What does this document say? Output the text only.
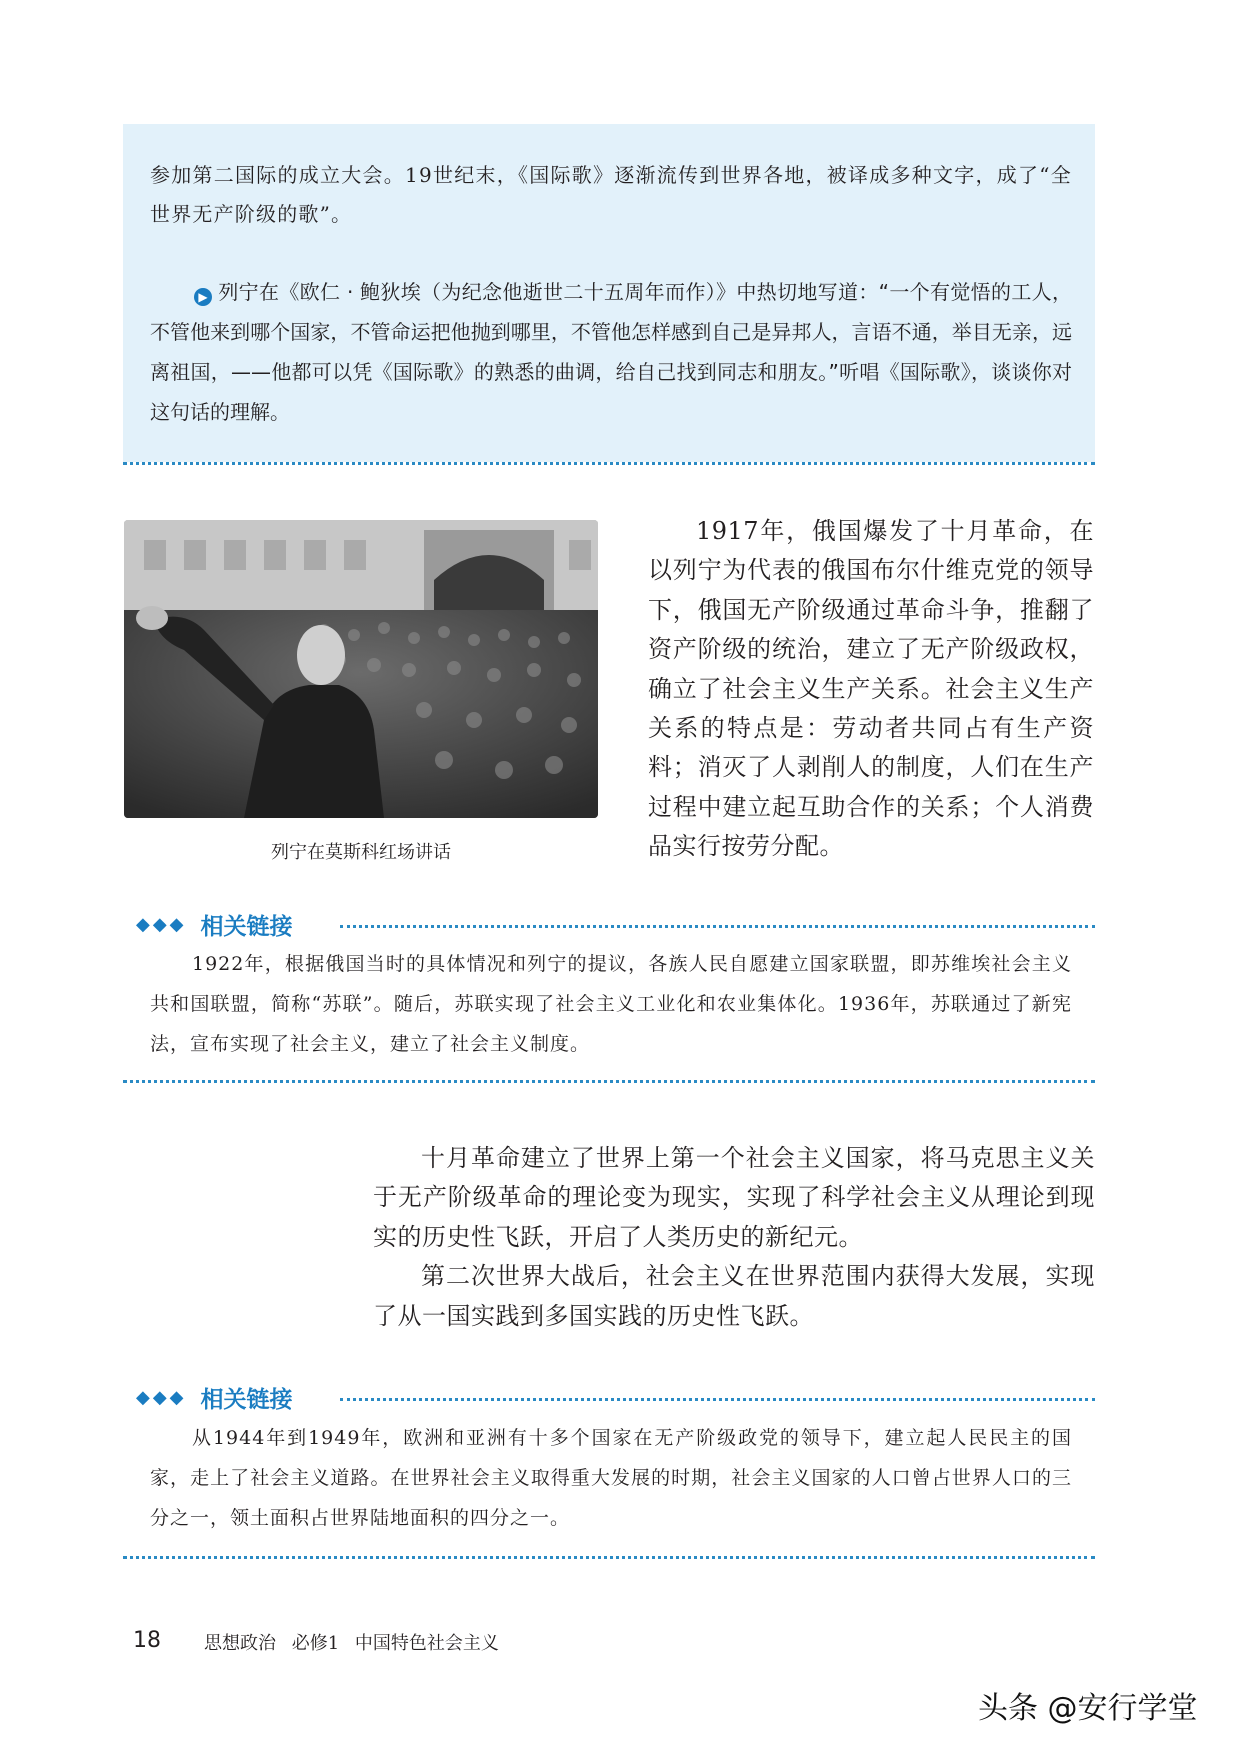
参加第二国际的成立大会。19世纪末，《国际歌》逐渐流传到世界各地，被译成多种文字，成了“全世界无产阶级的歌”。
▶ 列宁在《欧仁 · 鲍狄埃（为纪念他逝世二十五周年而作）》中热切地写道：“一个有觉悟的工人，不管他来到哪个国家，不管命运把他抛到哪里，不管他怎样感到自己是异邦人，言语不通，举目无亲，远离祖国，——他都可以凭《国际歌》的熟悉的曲调，给自己找到同志和朋友。”听唱《国际歌》，谈谈你对这句话的理解。
列宁在莫斯科红场讲话

1917年，俄国爆发了十月革命，在以列宁为代表的俄国布尔什维克党的领导下，俄国无产阶级通过革命斗争，推翻了资产阶级的统治，建立了无产阶级政权，确立了社会主义生产关系。社会主义生产关系的特点是：劳动者共同占有生产资料；消灭了人剥削人的制度，人们在生产过程中建立起互助合作的关系；个人消费品实行按劳分配。

◆◆◆ 相关链接
1922年，根据俄国当时的具体情况和列宁的提议，各族人民自愿建立国家联盟，即苏维埃社会主义共和国联盟，简称“苏联”。随后，苏联实现了社会主义工业化和农业集体化。1936年，苏联通过了新宪法，宣布实现了社会主义，建立了社会主义制度。

十月革命建立了世界上第一个社会主义国家，将马克思主义关于无产阶级革命的理论变为现实，实现了科学社会主义从理论到现实的历史性飞跃，开启了人类历史的新纪元。

第二次世界大战后，社会主义在世界范围内获得大发展，实现了从一国实践到多国实践的历史性飞跃。

◆◆◆ 相关链接
从1944年到1949年，欧洲和亚洲有十多个国家在无产阶级政党的领导下，建立起人民民主的国家，走上了社会主义道路。在世界社会主义取得重大发展的时期，社会主义国家的人口曾占世界人口的三分之一，领土面积占世界陆地面积的四分之一。
18 思想政治 必修1 中国特色社会主义
头条 @安行学堂
